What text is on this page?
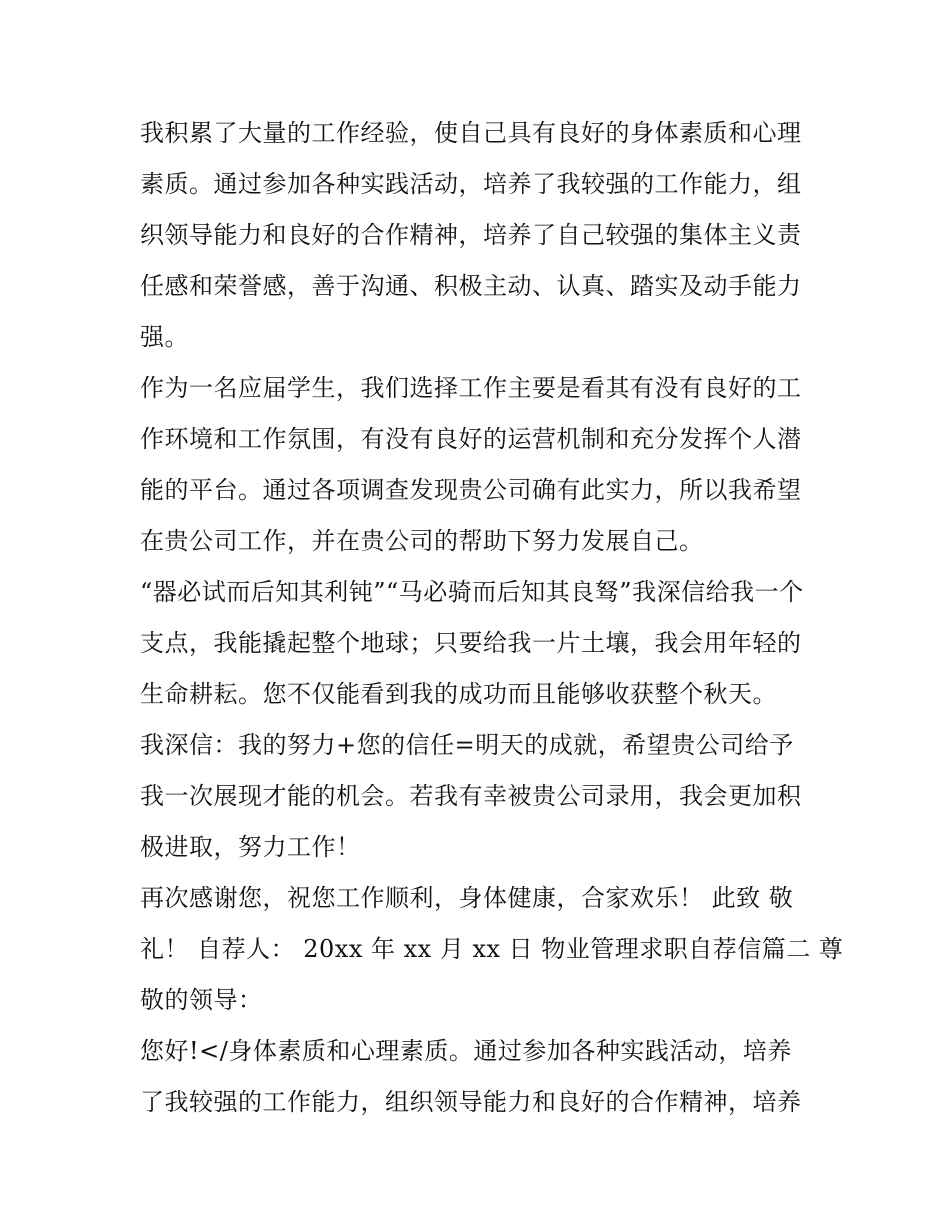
我积累了大量的工作经验，使自己具有良好的身体素质和心理
素质。通过参加各种实践活动，培养了我较强的工作能力，组
织领导能力和良好的合作精神，培养了自己较强的集体主义责
任感和荣誉感，善于沟通、积极主动、认真、踏实及动手能力
强。
作为一名应届学生，我们选择工作主要是看其有没有良好的工
作环境和工作氛围，有没有良好的运营机制和充分发挥个人潜
能的平台。通过各项调查发现贵公司确有此实力，所以我希望
在贵公司工作，并在贵公司的帮助下努力发展自己。
“器必试而后知其利钝”“马必骑而后知其良驽”我深信给我一个
支点，我能撬起整个地球；只要给我一片土壤，我会用年轻的
生命耕耘。您不仅能看到我的成功而且能够收获整个秋天。
我深信：我的努力+您的信任=明天的成就，希望贵公司给予
我一次展现才能的机会。若我有幸被贵公司录用，我会更加积
极进取，努力工作！
再次感谢您，祝您工作顺利，身体健康，合家欢乐！ 此致 敬
礼！ 自荐人： 20xx 年 xx 月 xx 日 物业管理求职自荐信篇二 尊
敬的领导：
您好!</身体素质和心理素质。通过参加各种实践活动，培养
了我较强的工作能力，组织领导能力和良好的合作精神，培养
